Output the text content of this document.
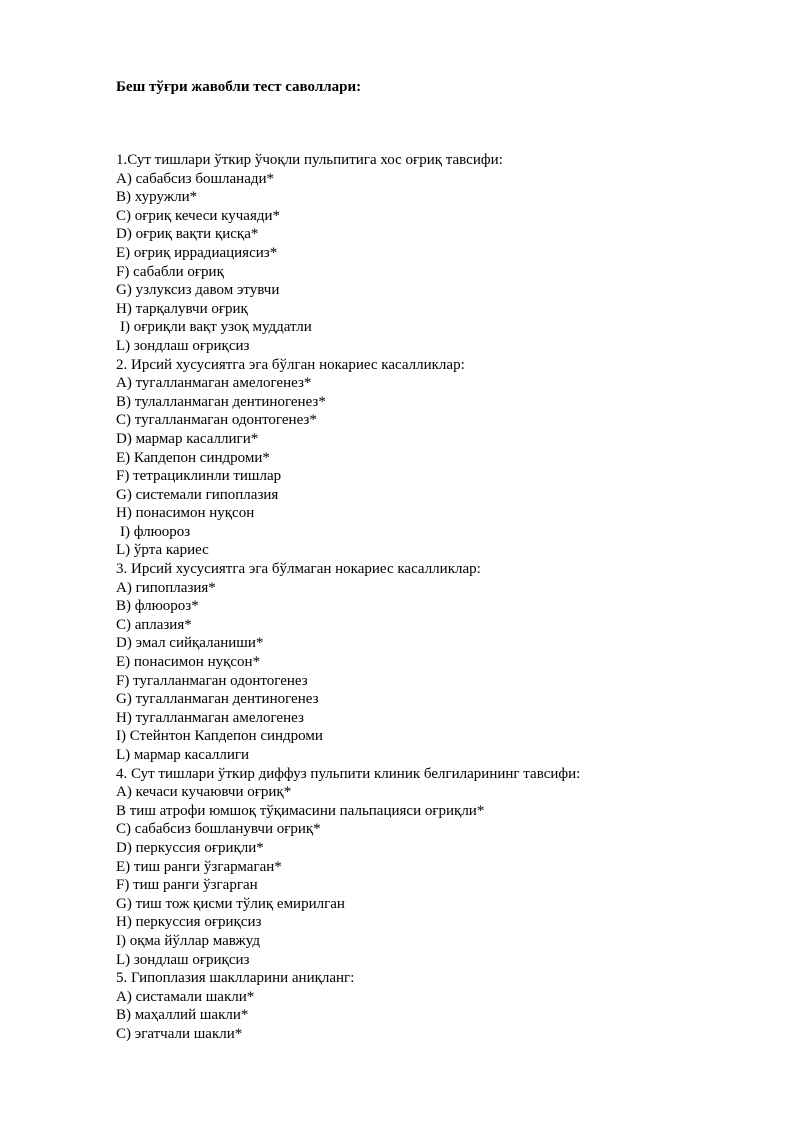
Беш тўғри жавобли тест саволлари:
1.Сут тишлари ўткир ўчоқли пульпитига хос оғриқ тавсифи:
A) сабабсиз бошланади*
B) хуружли*
C) оғриқ кечеси кучаяди*
D) оғриқ вақти қисқа*
E) оғриқ иррадиациясиз*
F) сабабли оғриқ
G) узлуксиз давом этувчи
H) тарқалувчи оғриқ
I) оғриқли вақт узоқ муддатли
L) зондлаш оғриқсиз
2. Ирсий хусусиятга эга бўлган нокариес касалликлар:
A) тугалланмаган амелогенез*
B) тулалланмаган дентиногенез*
C) тугалланмаган одонтогенез*
D) мармар касаллиги*
E) Капдепон синдроми*
F) тетрациклинли тишлар
G) системали гипоплазия
H) понасимон нуқсон
I) флюороз
L) ўрта кариес
3. Ирсий хусусиятга эга бўлмаган нокариес касалликлар:
A) гипоплазия*
B) флюороз*
C) аплазия*
D) эмал сийқаланиши*
E) понасимон нуқсон*
F) тугалланмаган одонтогенез
G) тугалланмаган дентиногенез
H) тугалланмаган амелогенез
I) Стейнтон Капдепон синдроми
L) мармар касаллиги
4. Сут тишлари ўткир диффуз пульпити клиник белгиларининг тавсифи:
A) кечаси кучаювчи оғриқ*
B тиш атрофи юмшоқ тўқимасини пальпацияси оғриқли*
C) сабабсиз бошланувчи оғриқ*
D) перкуссия оғриқли*
E) тиш ранги ўзгармаган*
F) тиш ранги ўзгарган
G) тиш тож қисми тўлиқ емирилган
H) перкуссия оғриқсиз
I) оқма йўллар мавжуд
L) зондлаш оғриқсиз
5. Гипоплазия шаклларини аниқланг:
A) систамали шакли*
B) маҳаллий шакли*
C) эгатчали шакли*
